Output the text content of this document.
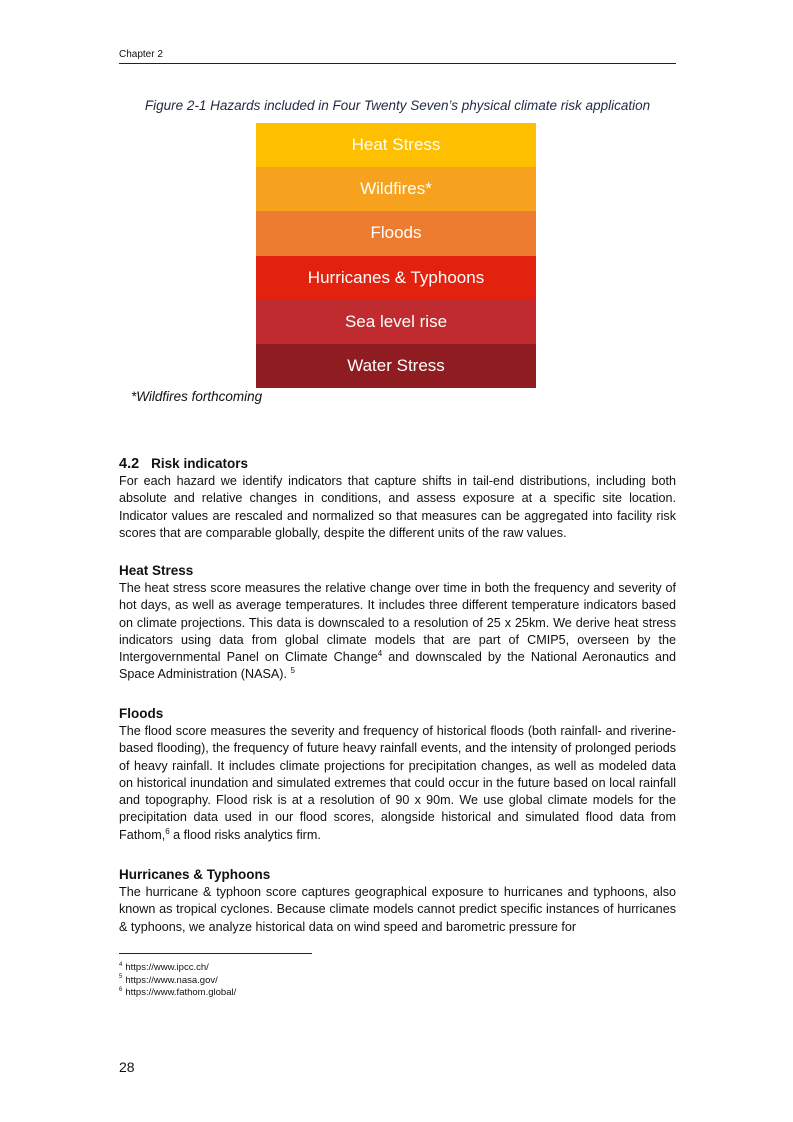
Chapter 2
Figure 2-1 Hazards included in Four Twenty Seven’s physical climate risk application
Heat Stress
Wildfires*
Floods
Hurricanes & Typhoons
Sea level rise
Water Stress
*Wildfires forthcoming
4.2 Risk indicators
For each hazard we identify indicators that capture shifts in tail-end distributions, including both absolute and relative changes in conditions, and assess exposure at a specific site location. Indicator values are rescaled and normalized so that measures can be aggregated into facility risk scores that are comparable globally, despite the different units of the raw values.
Heat Stress
The heat stress score measures the relative change over time in both the frequency and severity of hot days, as well as average temperatures. It includes three different temperature indicators based on climate projections. This data is downscaled to a resolution of 25 x 25km. We derive heat stress indicators using data from global climate models that are part of CMIP5, overseen by the Intergovernmental Panel on Climate Change$^4$ and downscaled by the National Aeronautics and Space Administration (NASA). $^5$
Floods
The flood score measures the severity and frequency of historical floods (both rainfall- and riverine-based flooding), the frequency of future heavy rainfall events, and the intensity of prolonged periods of heavy rainfall. It includes climate projections for precipitation changes, as well as modeled data on historical inundation and simulated extremes that could occur in the future based on local rainfall and topography. Flood risk is at a resolution of 90 x 90m. We use global climate models for the precipitation data used in our flood scores, alongside historical and simulated flood data from Fathom,$^6$ a flood risks analytics firm.
Hurricanes & Typhoons
The hurricane & typhoon score captures geographical exposure to hurricanes and typhoons, also known as tropical cyclones. Because climate models cannot predict specific instances of hurricanes & typhoons, we analyze historical data on wind speed and barometric pressure for
$^4$ https://www.ipcc.ch/
$^5$ https://www.nasa.gov/
$^6$ https://www.fathom.global/
28
